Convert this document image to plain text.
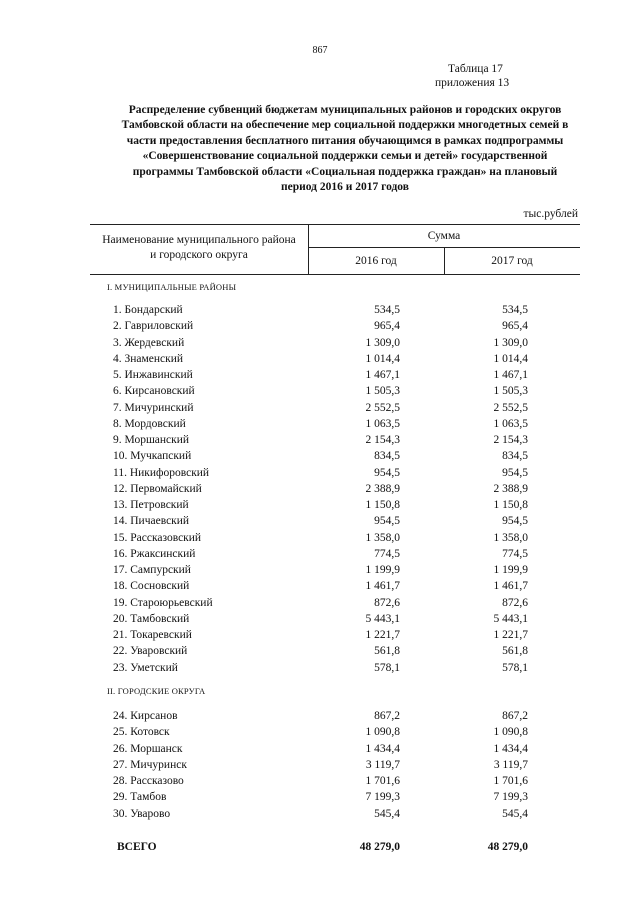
867
Таблица 17
приложения 13
Распределение субвенций бюджетам муниципальных районов и городских округов
Тамбовской области на обеспечение мер социальной поддержки многодетных семей в
части предоставления бесплатного питания обучающимся в рамках подпрограммы
«Совершенствование социальной поддержки семьи и детей» государственной
программы Тамбовской области «Социальная поддержка граждан» на плановый
период 2016 и 2017 годов
тыс.рублей
Наименование муниципального района
и городского округа
Сумма
2016 год	2017 год
I. МУНИЦИПАЛЬНЫЕ РАЙОНЫ
1. Бондарский	534,5	534,5
2. Гавриловский	965,4	965,4
3. Жердевский	1 309,0	1 309,0
4. Знаменский	1 014,4	1 014,4
5. Инжавинский	1 467,1	1 467,1
6. Кирсановский	1 505,3	1 505,3
7. Мичуринский	2 552,5	2 552,5
8. Мордовский	1 063,5	1 063,5
9. Моршанский	2 154,3	2 154,3
10. Мучкапский	834,5	834,5
11. Никифоровский	954,5	954,5
12. Первомайский	2 388,9	2 388,9
13. Петровский	1 150,8	1 150,8
14. Пичаевский	954,5	954,5
15. Рассказовский	1 358,0	1 358,0
16. Ржаксинский	774,5	774,5
17. Сампурский	1 199,9	1 199,9
18. Сосновский	1 461,7	1 461,7
19. Староюрьевский	872,6	872,6
20. Тамбовский	5 443,1	5 443,1
21. Токаревский	1 221,7	1 221,7
22. Уваровский	561,8	561,8
23. Уметский	578,1	578,1
II. ГОРОДСКИЕ ОКРУГА
24. Кирсанов	867,2	867,2
25. Котовск	1 090,8	1 090,8
26. Моршанск	1 434,4	1 434,4
27. Мичуринск	3 119,7	3 119,7
28. Рассказово	1 701,6	1 701,6
29. Тамбов	7 199,3	7 199,3
30. Уварово	545,4	545,4
ВСЕГО	48 279,0	48 279,0
